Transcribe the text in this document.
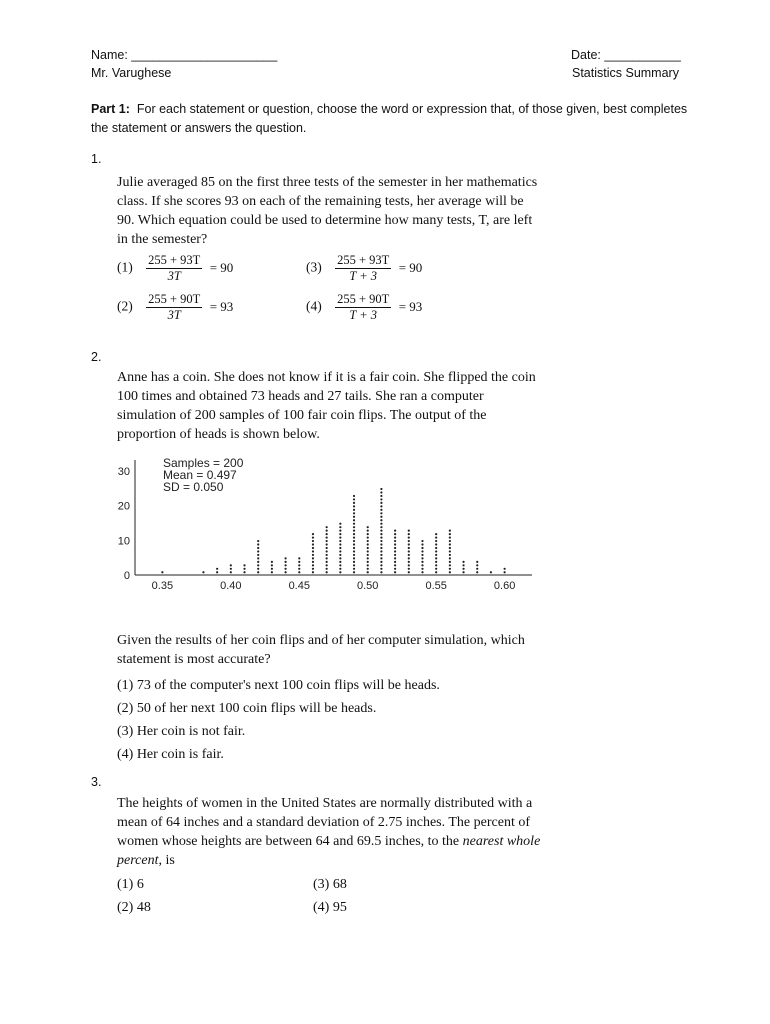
Name: _____________________
Mr. Varughese
Date: ___________
Statistics Summary
Part 1: For each statement or question, choose the word or expression that, of those given, best completes the statement or answers the question.
1.
Julie averaged 85 on the first three tests of the semester in her mathematics class. If she scores 93 on each of the remaining tests, her average will be 90. Which equation could be used to determine how many tests, T, are left in the semester?
$(1) \frac{255 + 93T}{3T} = 90$
$(2) \frac{255 + 90T}{3T} = 93$
$(3) \frac{255 + 93T}{T + 3} = 90$
$(4) \frac{255 + 90T}{T + 3} = 93$
2.
Anne has a coin. She does not know if it is a fair coin. She flipped the coin 100 times and obtained 73 heads and 27 tails. She ran a computer simulation of 200 samples of 100 fair coin flips. The output of the proportion of heads is shown below.
0
10
20
30
0.35	0.40	0.45	0.50	0.55	0.60
Samples = 200
Mean = 0.497
SD = 0.050
Given the results of her coin flips and of her computer simulation, which statement is most accurate?
(1) 73 of the computer's next 100 coin flips will be heads.
(2) 50 of her next 100 coin flips will be heads.
(3) Her coin is not fair.
(4) Her coin is fair.
3.
The heights of women in the United States are normally distributed with a mean of 64 inches and a standard deviation of 2.75 inches. The percent of women whose heights are between 64 and 69.5 inches, to the nearest whole percent, is
(1) 6
(2) 48
(3) 68
(4) 95
